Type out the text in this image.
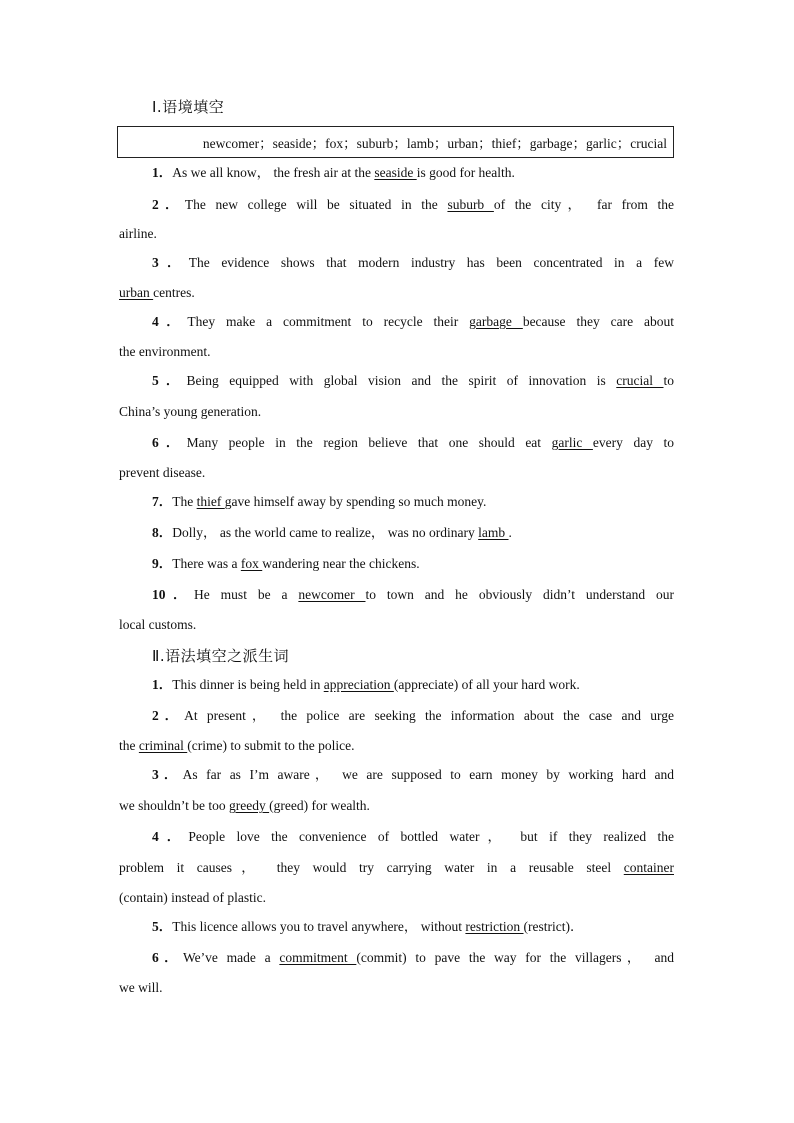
Ⅰ.语境填空
newcomer；seaside；fox；suburb；lamb；urban；thief；garbage；garlic；crucial
1．As we all know， the fresh air at the seaside is good for health.
2．The new college will be situated in the suburb of the city， far from the
airline.
3．The evidence shows that modern industry has been concentrated in a few
urban centres.
4．They make a commitment to recycle their garbage because they care about
the environment.
5．Being equipped with global vision and the spirit of innovation is crucial to
China’s young generation.
6．Many people in the region believe that one should eat garlic every day to
prevent disease.
7．The thief gave himself away by spending so much money.
8．Dolly， as the world came to realize， was no ordinary lamb .
9．There was a fox wandering near the chickens.
10．He must be a newcomer to town and he obviously didn’t understand our
local customs.
Ⅱ.语法填空之派生词
1．This dinner is being held in appreciation (appreciate) of all your hard work.
2．At present， the police are seeking the information about the case and urge
the criminal (crime) to submit to the police.
3．As far as I’m aware， we are supposed to earn money by working hard and
we shouldn’t be too greedy (greed) for wealth.
4．People love the convenience of bottled water， but if they realized the
problem it causes， they would try carrying water in a reusable steel container
(contain) instead of plastic.
5．This licence allows you to travel anywhere， without restriction (restrict)．
6．We’ve made a commitment (commit) to pave the way for the villagers， and
we will.
